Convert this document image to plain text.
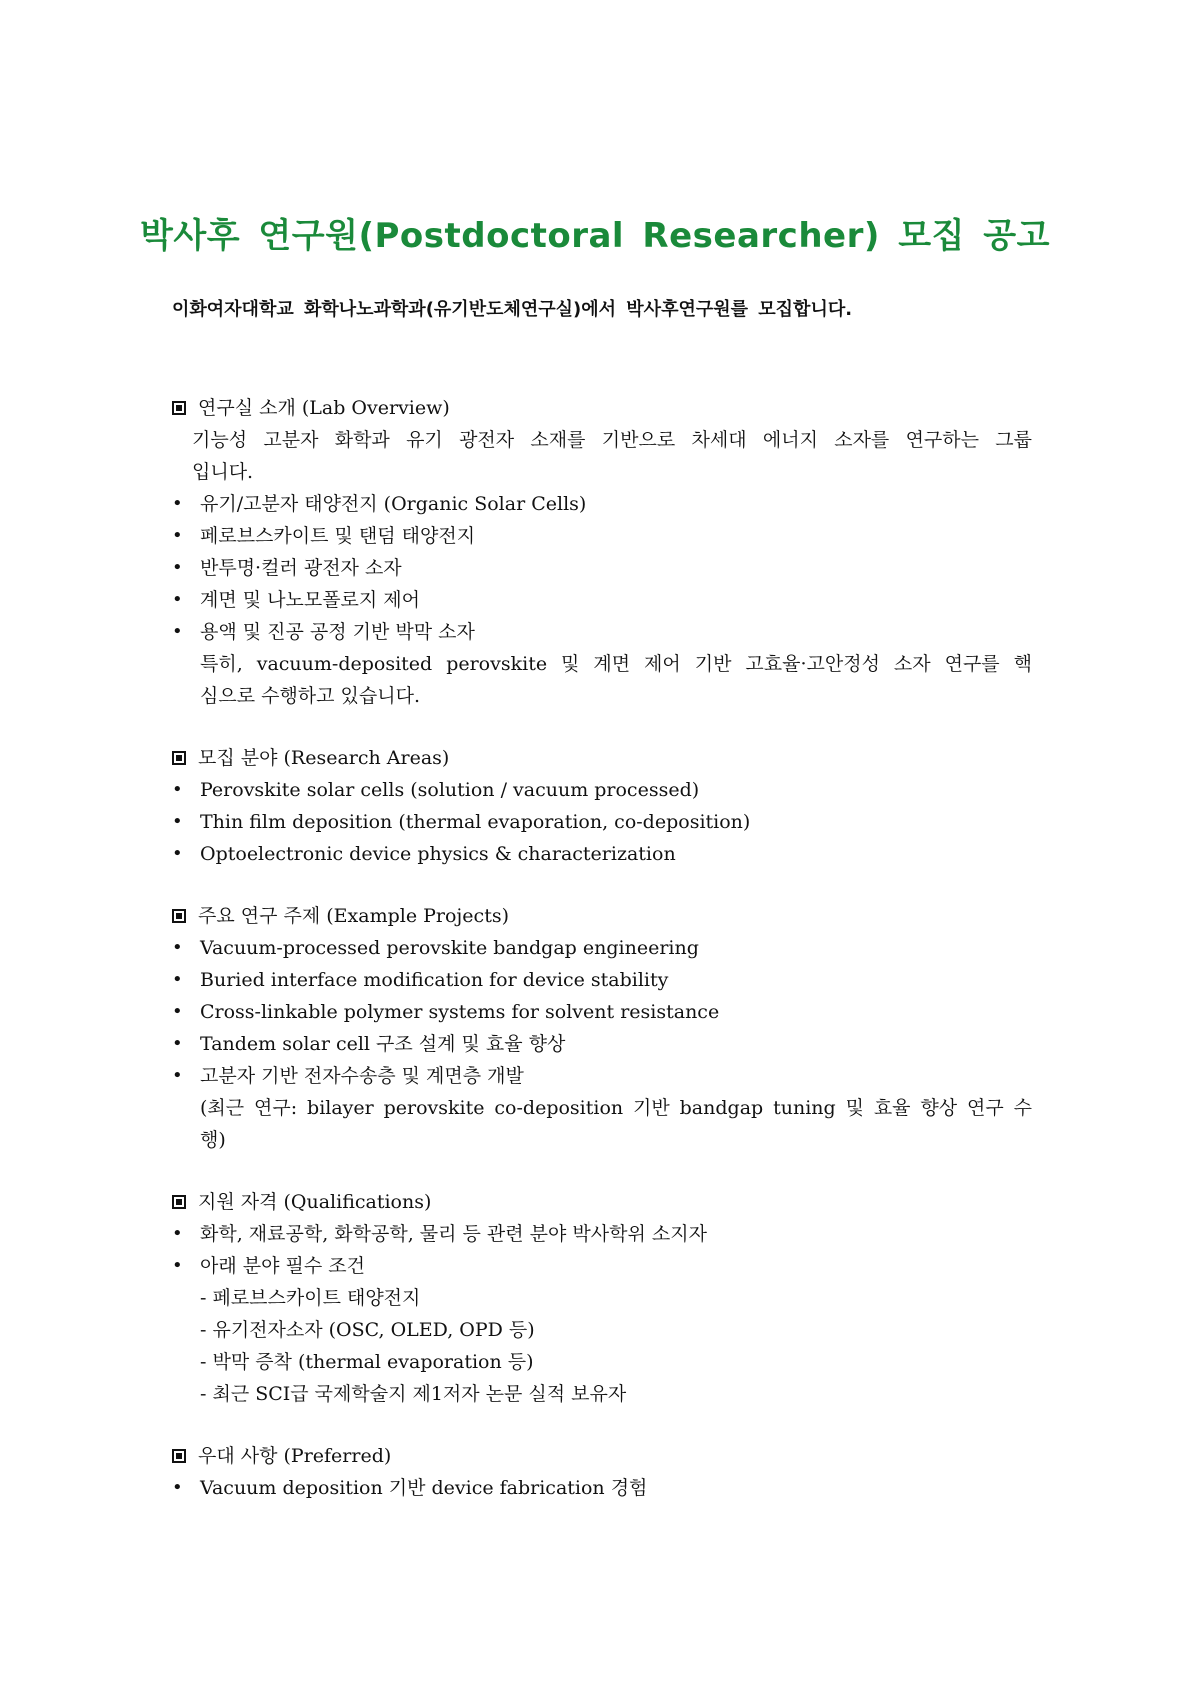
박사후 연구원(Postdoctoral Researcher) 모집 공고
이화여자대학교 화학나노과학과(유기반도체연구실)에서 박사후연구원를 모집합니다.
연구실 소개 (Lab Overview)
기능성 고분자 화학과 유기 광전자 소재를 기반으로 차세대 에너지 소자를 연구하는 그룹
입니다.
• 유기/고분자 태양전지 (Organic Solar Cells)
• 페로브스카이트 및 탠덤 태양전지
• 반투명·컬러 광전자 소자
• 계면 및 나노모폴로지 제어
• 용액 및 진공 공정 기반 박막 소자
특히, vacuum-deposited perovskite 및 계면 제어 기반 고효율·고안정성 소자 연구를 핵
심으로 수행하고 있습니다.
모집 분야 (Research Areas)
• Perovskite solar cells (solution / vacuum processed)
• Thin film deposition (thermal evaporation, co-deposition)
• Optoelectronic device physics & characterization
주요 연구 주제 (Example Projects)
• Vacuum-processed perovskite bandgap engineering
• Buried interface modification for device stability
• Cross-linkable polymer systems for solvent resistance
• Tandem solar cell 구조 설계 및 효율 향상
• 고분자 기반 전자수송층 및 계면층 개발
(최근 연구: bilayer perovskite co-deposition 기반 bandgap tuning 및 효율 향상 연구 수
행)
지원 자격 (Qualifications)
• 화학, 재료공학, 화학공학, 물리 등 관련 분야 박사학위 소지자
• 아래 분야 필수 조건
- 페로브스카이트 태양전지
- 유기전자소자 (OSC, OLED, OPD 등)
- 박막 증착 (thermal evaporation 등)
- 최근 SCI급 국제학술지 제1저자 논문 실적 보유자
우대 사항 (Preferred)
• Vacuum deposition 기반 device fabrication 경험
